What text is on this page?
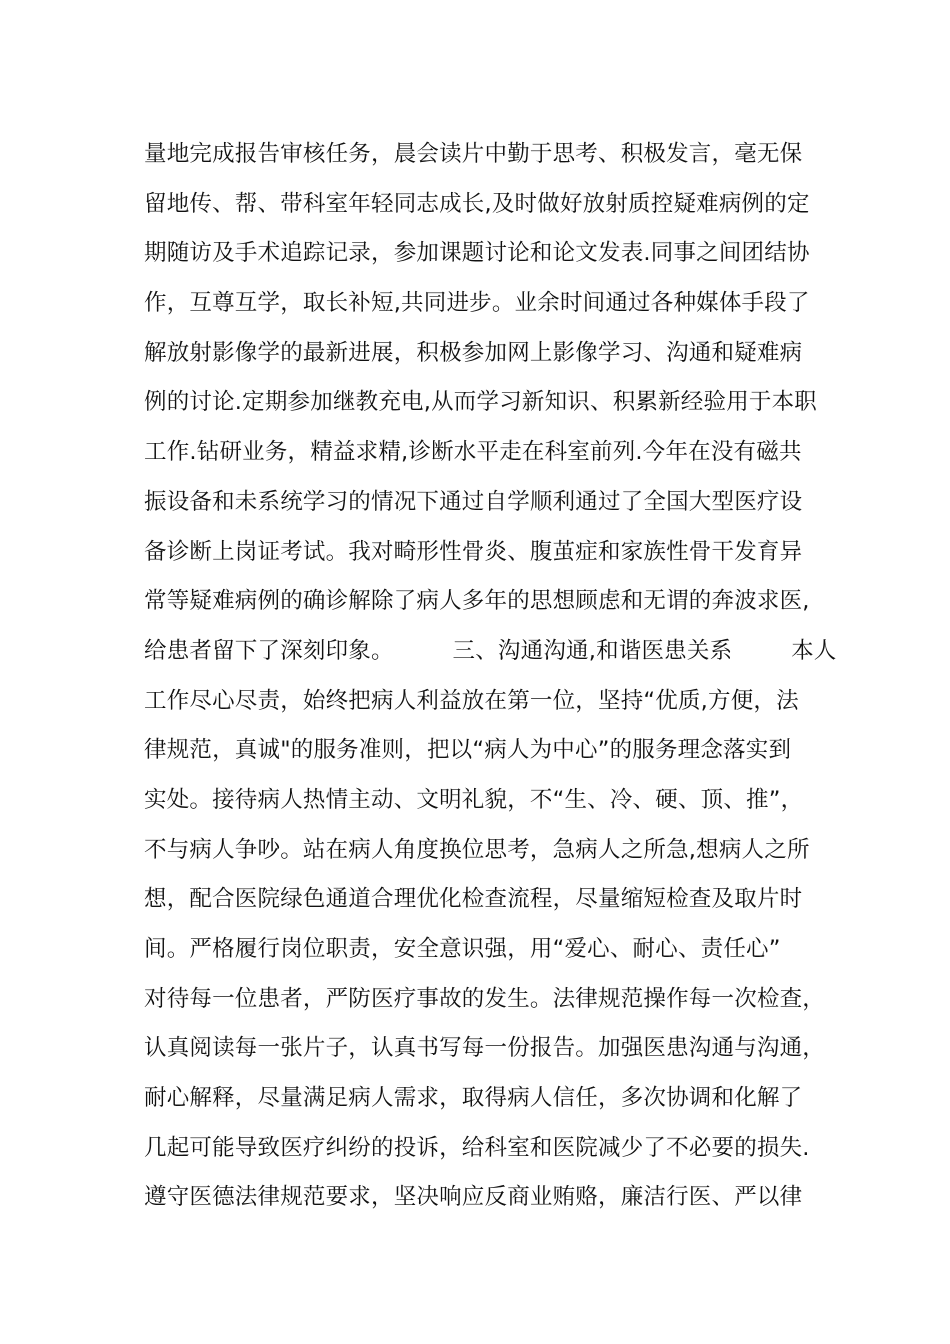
量地完成报告审核任务，晨会读片中勤于思考、积极发言，毫无保
留地传、帮、带科室年轻同志成长,及时做好放射质控疑难病例的定
期随访及手术追踪记录，参加课题讨论和论文发表.同事之间团结协
作，互尊互学，取长补短,共同进步。业余时间通过各种媒体手段了
解放射影像学的最新进展，积极参加网上影像学习、沟通和疑难病
例的讨论.定期参加继教充电,从而学习新知识、积累新经验用于本职
工作.钻研业务，精益求精,诊断水平走在科室前列.今年在没有磁共
振设备和未系统学习的情况下通过自学顺利通过了全国大型医疗设
备诊断上岗证考试。我对畸形性骨炎、腹茧症和家族性骨干发育异
常等疑难病例的确诊解除了病人多年的思想顾虑和无谓的奔波求医,
给患者留下了深刻印象。        三、沟通沟通,和谐医患关系        本人
工作尽心尽责，始终把病人利益放在第一位，坚持“优质,方便，法
律规范，真诚"的服务准则，把以“病人为中心”的服务理念落实到
实处。接待病人热情主动、文明礼貌，不“生、冷、硬、顶、推”，
不与病人争吵。站在病人角度换位思考，急病人之所急,想病人之所
想，配合医院绿色通道合理优化检查流程，尽量缩短检查及取片时
间。严格履行岗位职责，安全意识强，用“爱心、耐心、责任心”
对待每一位患者，严防医疗事故的发生。法律规范操作每一次检查，
认真阅读每一张片子，认真书写每一份报告。加强医患沟通与沟通，
耐心解释，尽量满足病人需求，取得病人信任，多次协调和化解了
几起可能导致医疗纠纷的投诉，给科室和医院减少了不必要的损失.
遵守医德法律规范要求，坚决响应反商业贿赂，廉洁行医、严以律
